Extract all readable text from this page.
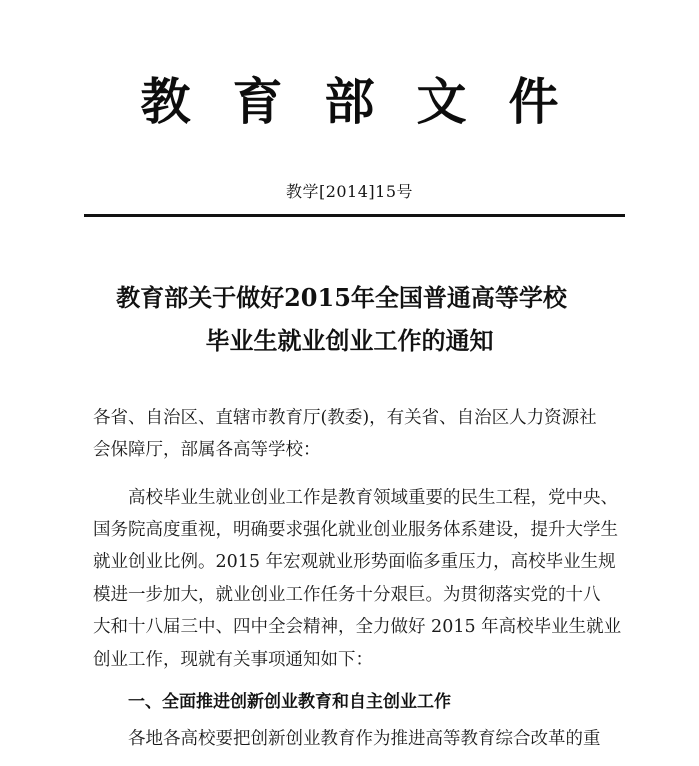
教育部文件
教学[2014]15号
教育部关于做好2015年全国普通高等学校
毕业生就业创业工作的通知
各省、自治区、直辖市教育厅(教委)，有关省、自治区人力资源社
会保障厅，部属各高等学校：
高校毕业生就业创业工作是教育领域重要的民生工程，党中央、
国务院高度重视，明确要求强化就业创业服务体系建设，提升大学生
就业创业比例。2015 年宏观就业形势面临多重压力，高校毕业生规
模进一步加大，就业创业工作任务十分艰巨。为贯彻落实党的十八
大和十八届三中、四中全会精神，全力做好 2015 年高校毕业生就业
创业工作，现就有关事项通知如下：
一、全面推进创新创业教育和自主创业工作
各地各高校要把创新创业教育作为推进高等教育综合改革的重
